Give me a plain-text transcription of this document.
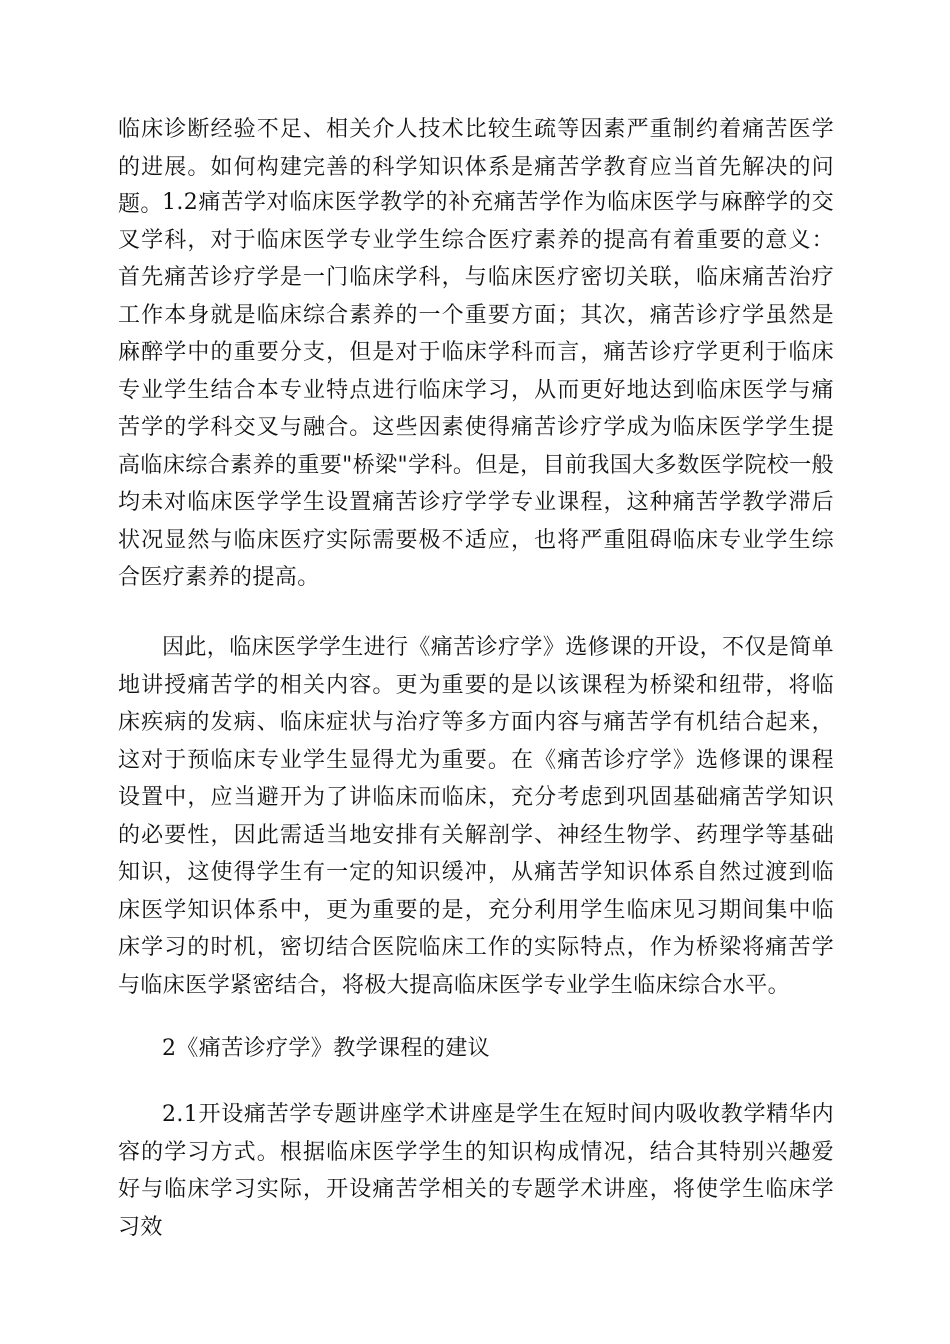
临床诊断经验不足、相关介人技术比较生疏等因素严重制约着痛苦医学的进展。如何构建完善的科学知识体系是痛苦学教育应当首先解决的问题。 1.2痛苦学对临床医学教学的补充痛苦学作为临床医学与麻醉学的交叉学科，对于临床医学专业学生综合医疗素养的提高有着重要的意义：首先痛苦诊疗学是一门临床学科，与临床医疗密切关联，临床痛苦治疗工作本身就是临床综合素养的一个重要方面；其次，痛苦诊疗学虽然是麻醉学中的重要分支，但是对于临床学科而言，痛苦诊疗学更利于临床专业学生结合本专业特点进行临床学习，从而更好地达到临床医学与痛苦学的学科交叉与融合。这些因素使得痛苦诊疗学成为临床医学学生提高临床综合素养的重要"桥梁"学科。但是，目前我国大多数医学院校一般均未对临床医学学生设置痛苦诊疗学学专业课程，这种痛苦学教学滞后状况显然与临床医疗实际需要极不适应，也将严重阻碍临床专业学生综合医疗素养的提高。

因此，临床医学学生进行《痛苦诊疗学》选修课的开设，不仅是简单地讲授痛苦学的相关内容。更为重要的是以该课程为桥梁和纽带，将临床疾病的发病、临床症状与治疗等多方面内容与痛苦学有机结合起来，这对于预临床专业学生显得尤为重要。在《痛苦诊疗学》选修课的课程设置中，应当避开为了讲临床而临床，充分考虑到巩固基础痛苦学知识的必要性，因此需适当地安排有关解剖学、神经生物学、药理学等基础知识，这使得学生有一定的知识缓冲，从痛苦学知识体系自然过渡到临床医学知识体系中，更为重要的是，充分利用学生临床见习期间集中临床学习的时机，密切结合医院临床工作的实际特点，作为桥梁将痛苦学与临床医学紧密结合，将极大提高临床医学专业学生临床综合水平。

2《痛苦诊疗学》教学课程的建议

2.1开设痛苦学专题讲座学术讲座是学生在短时间内吸收教学精华内容的学习方式。根据临床医学学生的知识构成情况，结合其特别兴趣爱好与临床学习实际，开设痛苦学相关的专题学术讲座，将使学生临床学习效
